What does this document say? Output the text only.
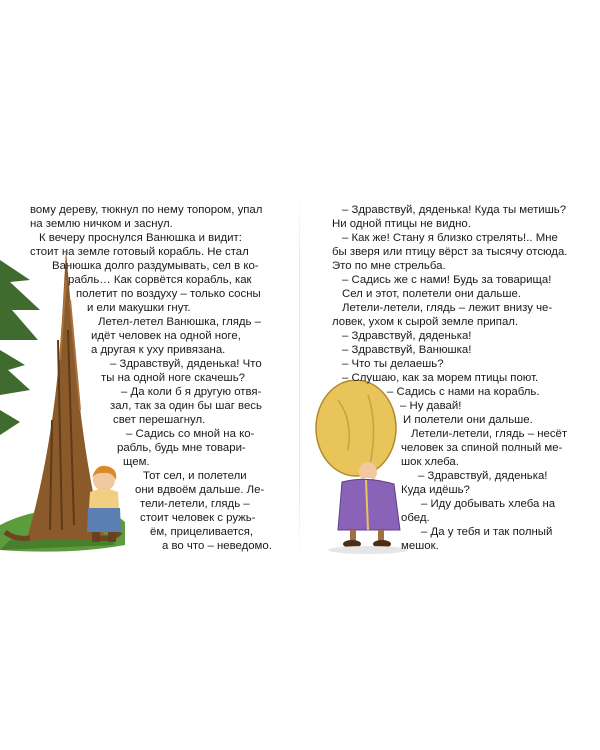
вому дереву, тюкнул по нему топором, упал
на землю ничком и заснул.
К вечеру проснулся Ванюшка и видит:
стоит на земле готовый корабль. Не стал
Ванюшка долго раздумывать, сел в ко-
рабль… Как сорвётся корабль, как
полетит по воздуху – только сосны
и ели макушки гнут.
Летел-летел Ванюшка, глядь –
идёт человек на одной ноге,
а другая к уху привязана.
– Здравствуй, дяденька! Что
ты на одной ноге скачешь?
– Да коли б я другую отвя-
зал, так за один бы шаг весь
свет перешагнул.
– Садись со мной на ко-
рабль, будь мне товари-
щем.
Тот сел, и полетели
они вдвоём дальше. Ле-
тели-летели, глядь –
стоит человек с ружь-
ём, прицеливается,
а во что – неведомо.
– Здравствуй, дяденька! Куда ты метишь?
Ни одной птицы не видно.
– Как же! Стану я близко стрелять!.. Мне
бы зверя или птицу вёрст за тысячу отсюда.
Это по мне стрельба.
– Садись же с нами! Будь за товарища!
Сел и этот, полетели они дальше.
Летели-летели, глядь – лежит внизу че-
ловек, ухом к сырой земле припал.
– Здравствуй, дяденька!
– Здравствуй, Ванюшка!
– Что ты делаешь?
– Слушаю, как за морем птицы поют.
– Садись с нами на корабль.
– Ну давай!
И полетели они дальше.
Летели-летели, глядь – несёт
человек за спиной полный ме-
шок хлеба.
– Здравствуй, дяденька!
Куда идёшь?
– Иду добывать хлеба на
обед.
– Да у тебя и так полный
мешок.
